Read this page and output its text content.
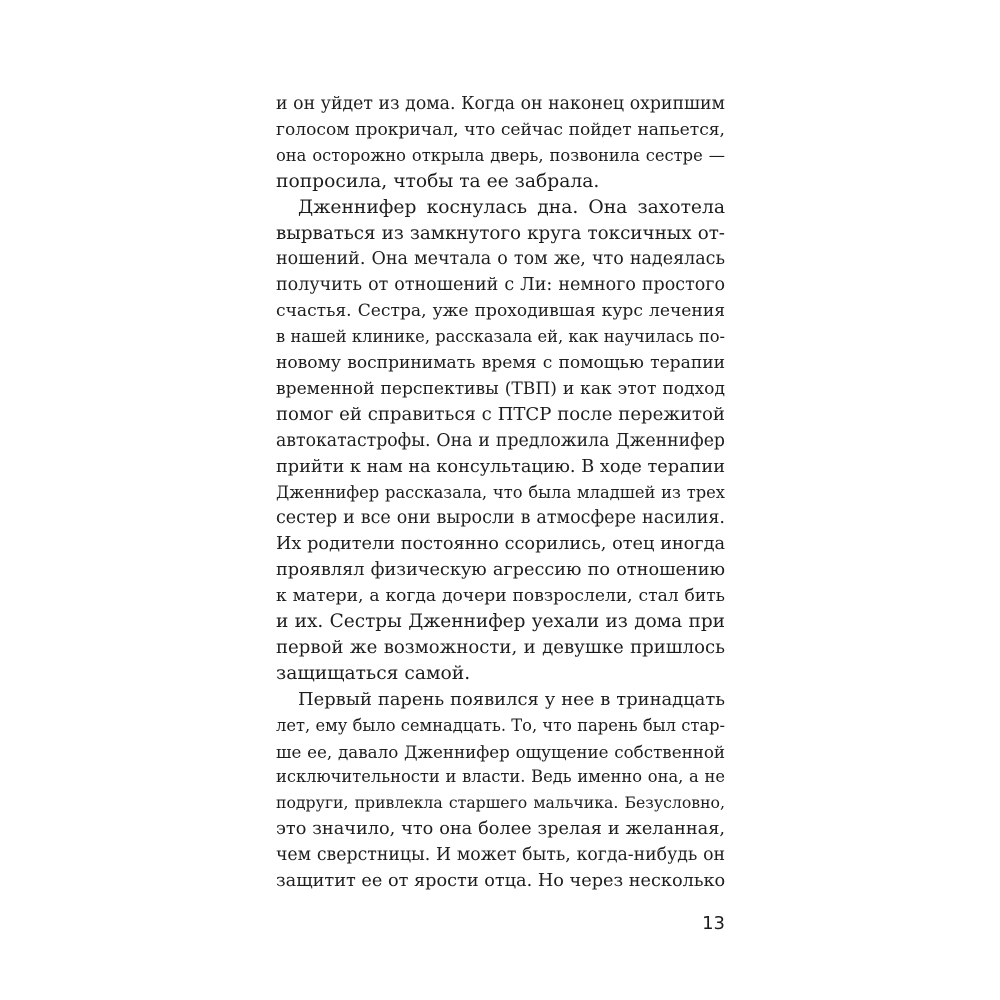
и он уйдет из дома. Когда он наконец охрипшим
голосом прокричал, что сейчас пойдет напьется,
она осторожно открыла дверь, позвонила сестре —
попросила, чтобы та ее забрала.
Дженнифер коснулась дна. Она захотела
вырваться из замкнутого круга токсичных от-
ношений. Она мечтала о том же, что надеялась
получить от отношений с Ли: немного простого
счастья. Сестра, уже проходившая курс лечения
в нашей клинике, рассказала ей, как научилась по-
новому воспринимать время с помощью терапии
временной перспективы (ТВП) и как этот подход
помог ей справиться с ПТСР после пережитой
автокатастрофы. Она и предложила Дженнифер
прийти к нам на консультацию. В ходе терапии
Дженнифер рассказала, что была младшей из трех
сестер и все они выросли в атмосфере насилия.
Их родители постоянно ссорились, отец иногда
проявлял физическую агрессию по отношению
к матери, а когда дочери повзрослели, стал бить
и их. Сестры Дженнифер уехали из дома при
первой же возможности, и девушке пришлось
защищаться самой.
Первый парень появился у нее в тринадцать
лет, ему было семнадцать. То, что парень был стар-
ше ее, давало Дженнифер ощущение собственной
исключительности и власти. Ведь именно она, а не
подруги, привлекла старшего мальчика. Безусловно,
это значило, что она более зрелая и желанная,
чем сверстницы. И может быть, когда-нибудь он
защитит ее от ярости отца. Но через несколько
13
